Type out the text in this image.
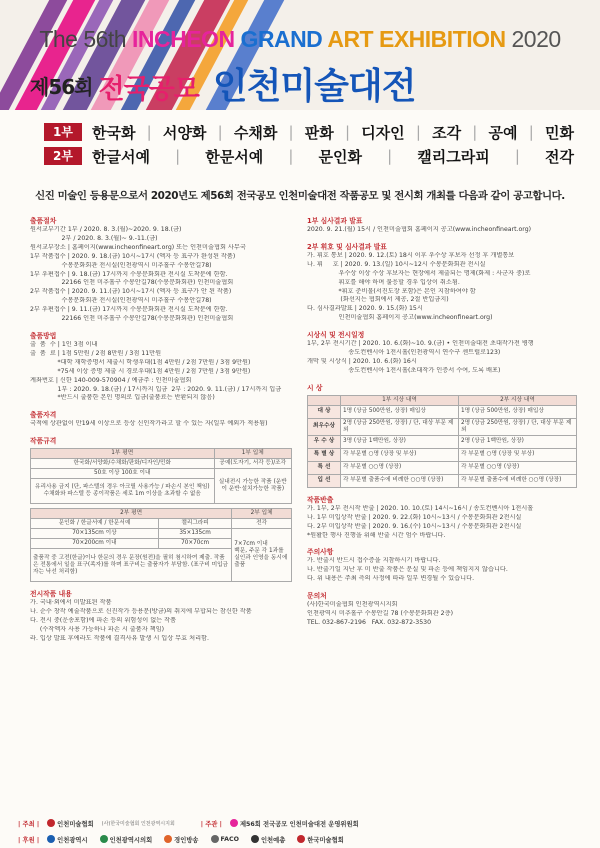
The 56th INCHEON GRAND ART EXHIBITION 2020
제56회 전국공모 인천미술대전
1부	한국화 | 서양화 | 수채화 | 판화 | 디자인 | 조각 | 공예 | 민화
2부	한글서예 | 한문서예 | 문인화 | 캘리그라피 | 전각
신진 미술인 등용문으로서 2020년도 제56회 전국공모 인천미술대전 작품공모 및 전시회 개최를 다음과 같이 공고합니다.
출품절차
원서교부기간 1부 / 2020. 8. 3.(월)~2020. 9. 18.(금)
2부 / 2020. 8. 3.(월)~ 9.-11.(금)
원서교부장소 | 홈페이지(www.incheonfineart.org) 또는 인천미술협회 사무국
1부 작품접수 | 2020. 9. 18.(금) 10시~17시 (액자 등 표구가 완성된 작품)
수봉문화회관 전시실(인천광역시 미추홀구 수봉안길78)
1부 우편접수 | 9. 18.(금) 17시까지 수봉문화회관 전시실 도착분에 한함.
22166 인천 미추홀구 수봉안길78(수봉문화회관) 인천미술협회
2부 작품접수 | 2020. 9. 11.(금) 10시~17시 (액자 등 표구가 안 된 작품)
수봉문화회관 전시실(인천광역시 미추홀구 수봉안길78)
2부 우편접수 | 9. 11.(금) 17시까지 수봉문화회관 전시실 도착분에 한함.
22166 인천 미추홀구 수봉안길78(수봉문화회관) 인천미술협회
출품방법
출  품  수 | 1인 3점 이내
출  품  료 | 1점 5만원 / 2점 8만원 / 3점 11만원
*대학 재학증명서 제출시 학생우대(1점 4만원 / 2점 7만원 / 3점 9만원)
*75세 이상 증명 제출 시 경로우대(1점 4만원 / 2점 7만원 / 3점 9만원)
계좌번호 | 신한 140-009-570904 / 예금주 : 인천미술협회
1부 : 2020. 9. 18.(금) / 17시까지 입금  2부 : 2020. 9. 11.(금) / 17시까지 입금
*반드시 출품한 본인 명의로 입금(출품료는 반환되지 않음)
출품자격
국적에 상관없이 만19세 이상으로 등상 신인작가라고 할 수 있는 자(일부 예외가 적용됨)
작품규격
1부 평면	1부 입체
한국화/서양화/수채화/판화/디자인/민화	공예(도자기, 서각 등)/조각
50호 이상 100호 이내	실내전시 가능한 작품 (운반이 운반·설치가능한 작품)
유리사용 금지 (단, 파스텔의 경우 아크릴 사용가능 / 파손시 본인 책임) 수채화와 파스텔 등 종이작품은 세로 1m 이상을 초과할 수 없음	
2부 평면		2부 입체
문인화 / 한글서예 / 한문서예	캘리그라피	전각
70×135cm 이상	35×135cm	7×7cm 이내
백문, 주문 각 1과를 실인과 인영을 동시에 출품
70×200cm 이내	70×70cm	
출품작 중 고전(한글)이나 한문의 경우 문장(원전)을 필히 첨시하여 제출. 작품은 전통에서 일을 표구(족자)를 하며 표구비는 출품자가 부담함. (표구비 미입금자는 낙선 처리함)		
전시작품 내용
가. 국내·외에서 미발표된 작품
나. 순수 창작 예술작품으로 신진작가 등용문(방금)의 취지에 부합되는 참신한 작품
다. 전시 중(운송포함)에 파손 등의 위험성이 없는 작품
(수작액자 사용 가능하나 파손 시 출품자 책임)
라. 입상 발표 후에라도 작품에 결격사유 발생 시 입상 무효 처리함.
1부 심사결과 발표
2020. 9. 21.(월) 15시 / 인천미술협회 홈페이지 공고(www.incheonfineart.org)
2부 휘호 및 심사결과 발표
가. 휘호 통보 | 2020. 9. 12.(토) 18시 이후 우수상 후보자 선정 후 개별통보
나. 휘     호 | 2020. 9. 13.(일) 10시~12시 수봉문화회관 전시실
우수상 이상 수상 후보자는 현장에서 제출되는 명제(화제 : 사군자 중)로
휘호를 해야 하며 불응할 경우 입상이 취소됨.
*휘호 준비물(서진도장 포함)은 본인 지참하여야 함
(화선지는 협회에서 제공, 2절 반입금지)
다. 심사결과발표 | 2020. 9. 15.(화) 15시
인천미술협회 홈페이지 공고(www.incheonfineart.org)
시상식 및 전시일정
1부, 2부 전시기간 | 2020. 10. 6.(화)~10. 9.(금) • 인천미술대전 초대작가전 병행
송도컨벤시아 1전시홀(인천광역시 연수구 센트럴로123)
개막 및 시상식 | 2020. 10. 6.(화) 16시
송도컨벤시아 1전시홀(초대작가 인증서 수여, 도록 배포)
시 상
	1부 시상 내역	2부 시상 내역
대 상	1명 (상금 500만원, 상장) 매입상	1명 (상금 500만원, 상장) 매입상
최우수상	2명 (상금 250만원, 상장) / 단, 대상 부문 제외	2명 (상금 250만원, 상장) / 단, 대상 부문 제외
우 수 상	3명 (상금 1백만원, 상장)	2명 (상금 1백만원, 상장)
특 별 상	각 부문별 ○명 (상장 및 부상)	각 부문별 ○명 (상장 및 부상)
특 선	각 부문별 ○○명 (상장)	각 부문별 ○○명 (상장)
입 선	각 부문별 출품수에 비례한 ○○명 (상장)	각 부문별 출품수에 비례한 ○○명 (상장)
작품반출
가. 1부, 2부 전시작 반출 | 2020. 10. 10.(토) 14시~16시 / 송도컨벤시아 1전시홀
나. 1부 미입상작 반출 | 2020. 9. 22.(화) 10시~13시 / 수봉문화회관 2전시실
다. 2부 미입상작 반출 | 2020. 9. 16.(수) 10시~13시 / 수봉문화회관 2전시실
*원활한 행사 진행을 위해 반출 시간 엄수 바랍니다.
주의사항
가. 반출시 반드시 접수증을 지참하시기 바랍니다.
나. 반출기일 지난 후 미 반출 작품은 분실 및 파손 등에 책임지지 않습니다.
다. 위 내용은 주최 측의 사정에 따라 일부 변경될 수 있습니다.
문의처
(사)한국미술협회 인천광역시지회
인천광역시 미추홀구 수봉안길 78 (수봉문화회관 2층)
TEL. 032-867-2196   FAX. 032-872-3530
| 주최 |	인천미술협회 (사)한국미술협회 인천광역시지회	| 주관 |	제56회 전국공모 인천미술대전 운영위원회
| 후원 |	인천광역시	인천광역시의회	경인방송	FACO	인천예총	한국미술협회
